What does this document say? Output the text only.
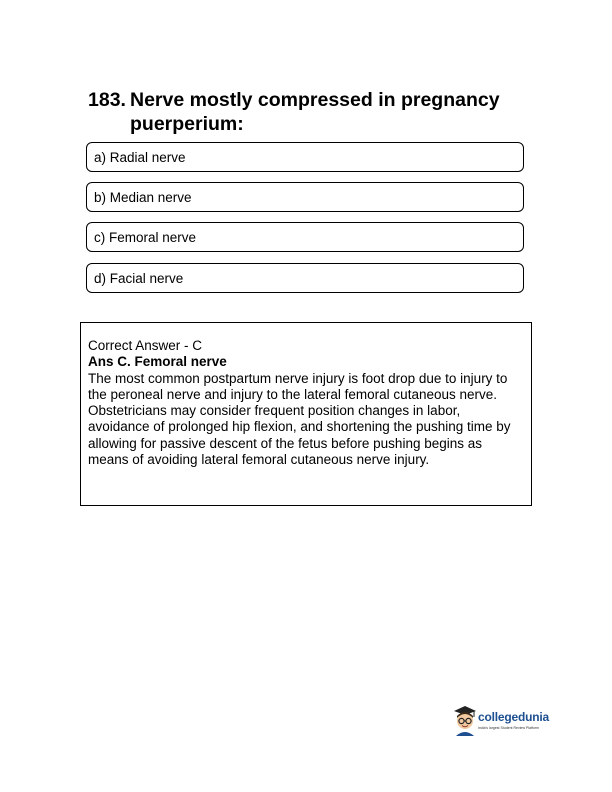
183. Nerve mostly compressed in pregnancy puerperium:
a) Radial nerve
b) Median nerve
c) Femoral nerve
d) Facial nerve

Correct Answer - C

Ans C. Femoral nerve

The most common postpartum nerve injury is foot drop due to injury to the peroneal nerve and injury to the lateral femoral cutaneous nerve.

Obstetricians may consider frequent position changes in labor, avoidance of prolonged hip flexion, and shortening the pushing time by allowing for passive descent of the fetus before pushing begins as means of avoiding lateral femoral cutaneous nerve injury.

collegedunia
India's largest Student Review Platform
